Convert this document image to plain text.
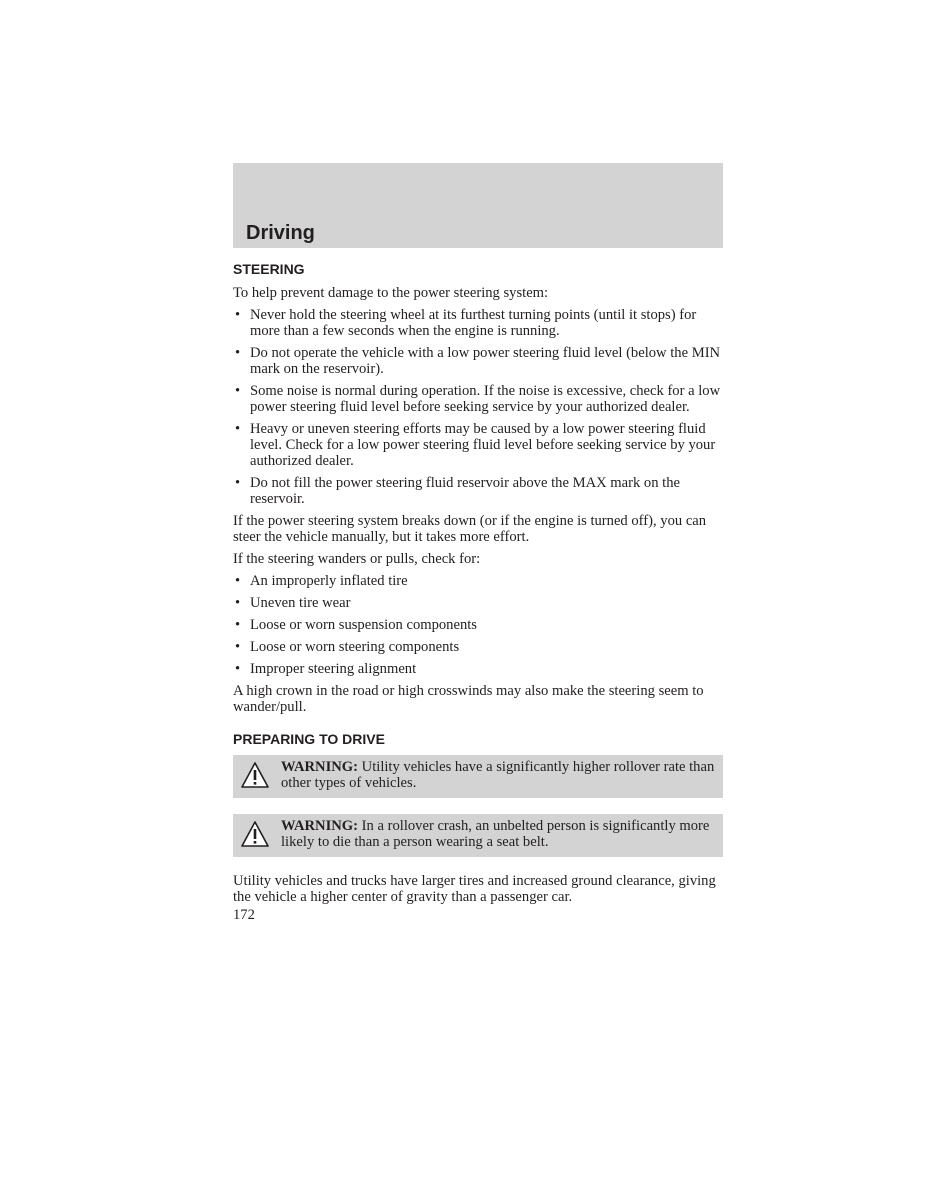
Driving
STEERING

To help prevent damage to the power steering system:

• Never hold the steering wheel at its furthest turning points (until it stops) for more than a few seconds when the engine is running.
• Do not operate the vehicle with a low power steering fluid level (below the MIN mark on the reservoir).
• Some noise is normal during operation. If the noise is excessive, check for a low power steering fluid level before seeking service by your authorized dealer.
• Heavy or uneven steering efforts may be caused by a low power steering fluid level. Check for a low power steering fluid level before seeking service by your authorized dealer.
• Do not fill the power steering fluid reservoir above the MAX mark on the reservoir.

If the power steering system breaks down (or if the engine is turned off), you can steer the vehicle manually, but it takes more effort.

If the steering wanders or pulls, check for:

• An improperly inflated tire
• Uneven tire wear
• Loose or worn suspension components
• Loose or worn steering components
• Improper steering alignment

A high crown in the road or high crosswinds may also make the steering seem to wander/pull.

PREPARING TO DRIVE
WARNING: Utility vehicles have a significantly higher rollover rate than other types of vehicles.
WARNING: In a rollover crash, an unbelted person is significantly more likely to die than a person wearing a seat belt.

Utility vehicles and trucks have larger tires and increased ground clearance, giving the vehicle a higher center of gravity than a passenger car.

172
